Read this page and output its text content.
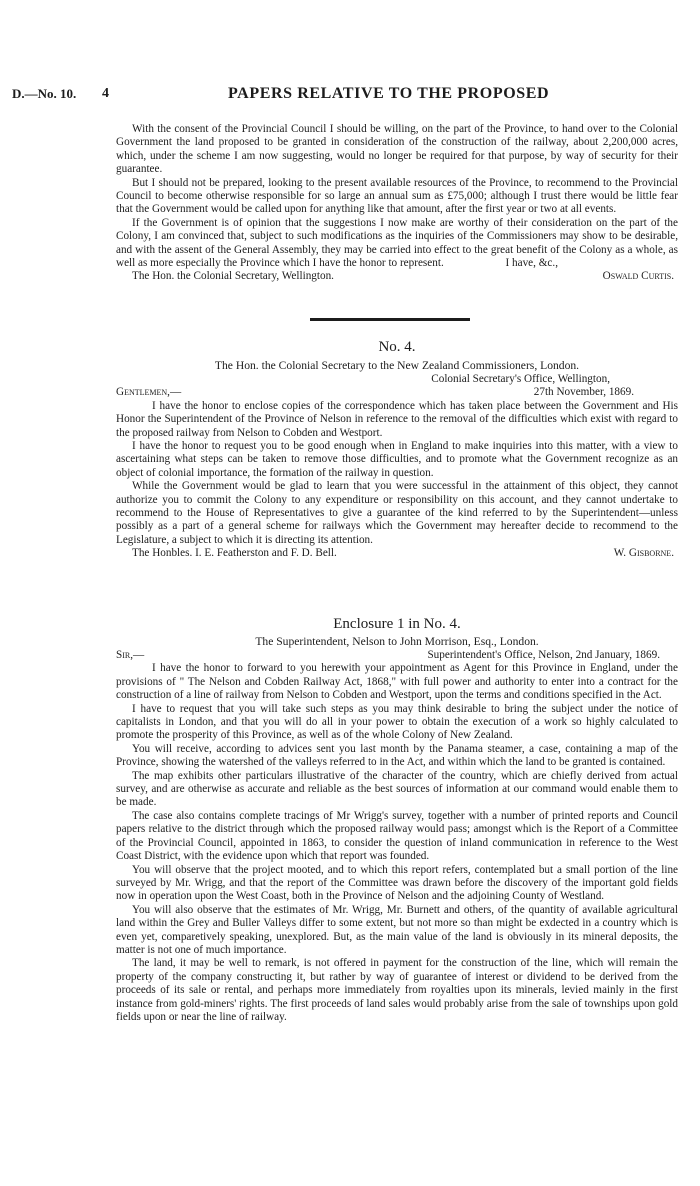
D.—No. 10. 4	PAPERS RELATIVE TO THE PROPOSED

With the consent of the Provincial Council I should be willing, on the part of the Province, to hand over to the Colonial Government the land proposed to be granted in consideration of the construction of the railway, about 2,200,000 acres, which, under the scheme I am now suggesting, would no longer be required for that purpose, by way of security for their guarantee.

But I should not be prepared, looking to the present available resources of the Province, to recommend to the Provincial Council to become otherwise responsible for so large an annual sum as £75,000; although I trust there would be little fear that the Government would be called upon for anything like that amount, after the first year or two at all events.

If the Government is of opinion that the suggestions I now make are worthy of their consideration on the part of the Colony, I am convinced that, subject to such modifications as the inquiries of the Commissioners may show to be desirable, and with the assent of the General Assembly, they may be carried into effect to the great benefit of the Colony as a whole, as well as more especially the Province which I have the honor to represent.	I have, &c.,
The Hon. the Colonial Secretary, Wellington.	Oswald Curtis.
No. 4.
The Hon. the Colonial Secretary to the New Zealand Commissioners, London.
Colonial Secretary's Office, Wellington,
Gentlemen,—	27th November, 1869.

I have the honor to enclose copies of the correspondence which has taken place between the Government and His Honor the Superintendent of the Province of Nelson in reference to the removal of the difficulties which exist with regard to the proposed railway from Nelson to Cobden and Westport.

I have the honor to request you to be good enough when in England to make inquiries into this matter, with a view to ascertaining what steps can be taken to remove those difficulties, and to promote what the Government recognize as an object of colonial importance, the formation of the railway in question.

While the Government would be glad to learn that you were successful in the attainment of this object, they cannot authorize you to commit the Colony to any expenditure or responsibility on this account, and they cannot undertake to recommend to the House of Representatives to give a guarantee of the kind referred to by the Superintendent—unless possibly as a part of a general scheme for railways which the Government may hereafter decide to recommend to the Legislature, a subject to which it is directing its attention.

The Honbles. I. E. Featherston and F. D. Bell.	W. Gisborne.
Enclosure 1 in No. 4.
The Superintendent, Nelson to John Morrison, Esq., London.
Sir,—	Superintendent's Office, Nelson, 2nd January, 1869.

I have the honor to forward to you herewith your appointment as Agent for this Province in England, under the provisions of " The Nelson and Cobden Railway Act, 1868," with full power and authority to enter into a contract for the construction of a line of railway from Nelson to Cobden and Westport, upon the terms and conditions specified in the Act.

I have to request that you will take such steps as you may think desirable to bring the subject under the notice of capitalists in London, and that you will do all in your power to obtain the execution of a work so highly calculated to promote the prosperity of this Province, as well as of the whole Colony of New Zealand.

You will receive, according to advices sent you last month by the Panama steamer, a case, containing a map of the Province, showing the watershed of the valleys referred to in the Act, and within which the land to be granted is contained.

The map exhibits other particulars illustrative of the character of the country, which are chiefly derived from actual survey, and are otherwise as accurate and reliable as the best sources of information at our command would enable them to be made.

The case also contains complete tracings of Mr Wrigg's survey, together with a number of printed reports and Council papers relative to the district through which the proposed railway would pass; amongst which is the Report of a Committee of the Provincial Council, appointed in 1863, to consider the question of inland communication in reference to the West Coast District, with the evidence upon which that report was founded.

You will observe that the project mooted, and to which this report refers, contemplated but a small portion of the line surveyed by Mr. Wrigg, and that the report of the Committee was drawn before the discovery of the important gold fields now in operation upon the West Coast, both in the Province of Nelson and the adjoining County of Westland.

You will also observe that the estimates of Mr. Wrigg, Mr. Burnett and others, of the quantity of available agricultural land within the Grey and Buller Valleys differ to some extent, but not more so than might be exdected in a country which is even yet, comparetively speaking, unexplored. But, as the main value of the land is obviously in its mineral deposits, the matter is not one of much importance.

The land, it may be well to remark, is not offered in payment for the construction of the line, which will remain the property of the company constructing it, but rather by way of guarantee of interest or dividend to be derived from the proceeds of its sale or rental, and perhaps more immediately from royalties upon its minerals, levied mainly in the first instance from gold-miners' rights. The first proceeds of land sales would probably arise from the sale of townships upon gold fields upon or near the line of railway.
